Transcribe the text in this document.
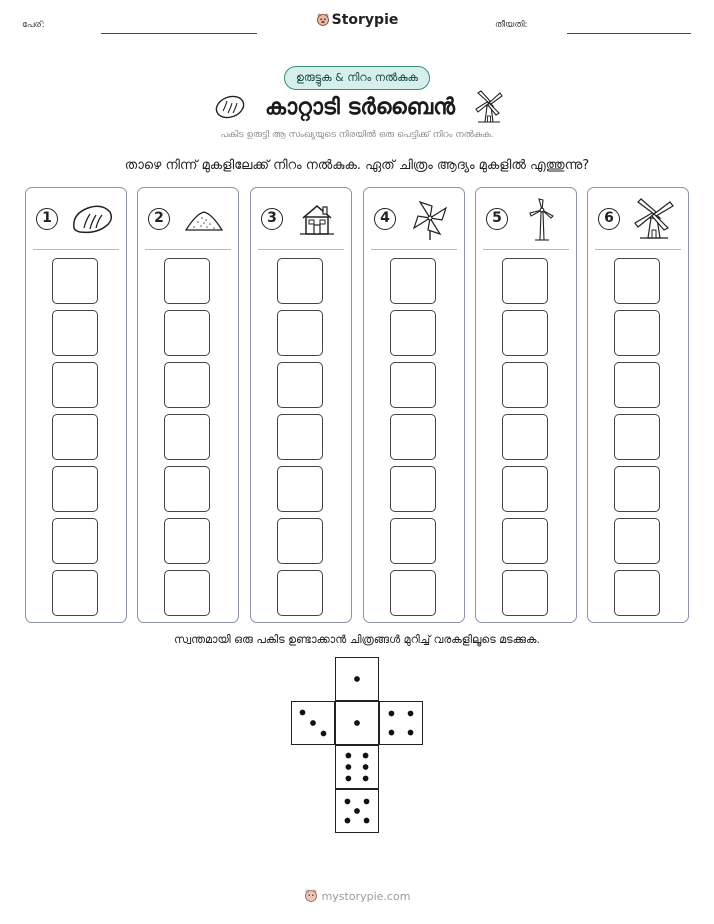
പേര്:	Storypie	തീയതി:
ഉരുട്ടുക & നിറം നൽകുക
കാറ്റാടി ടർബൈൻ
പകിട ഉരുട്ടി ആ സംഖ്യയുടെ നിരയിൽ ഒരു പെട്ടിക്ക് നിറം നൽകുക.
താഴെ നിന്ന് മുകളിലേക്ക് നിറം നൽകുക. ഏത് ചിത്രം ആദ്യം മുകളിൽ എത്തുന്നു?
1	2	3	4	5	6
സ്വന്തമായി ഒരു പകിട ഉണ്ടാക്കാൻ ചിത്രങ്ങൾ മുറിച്ച് വരകളിലൂടെ മടക്കുക.
mystorypie.com
